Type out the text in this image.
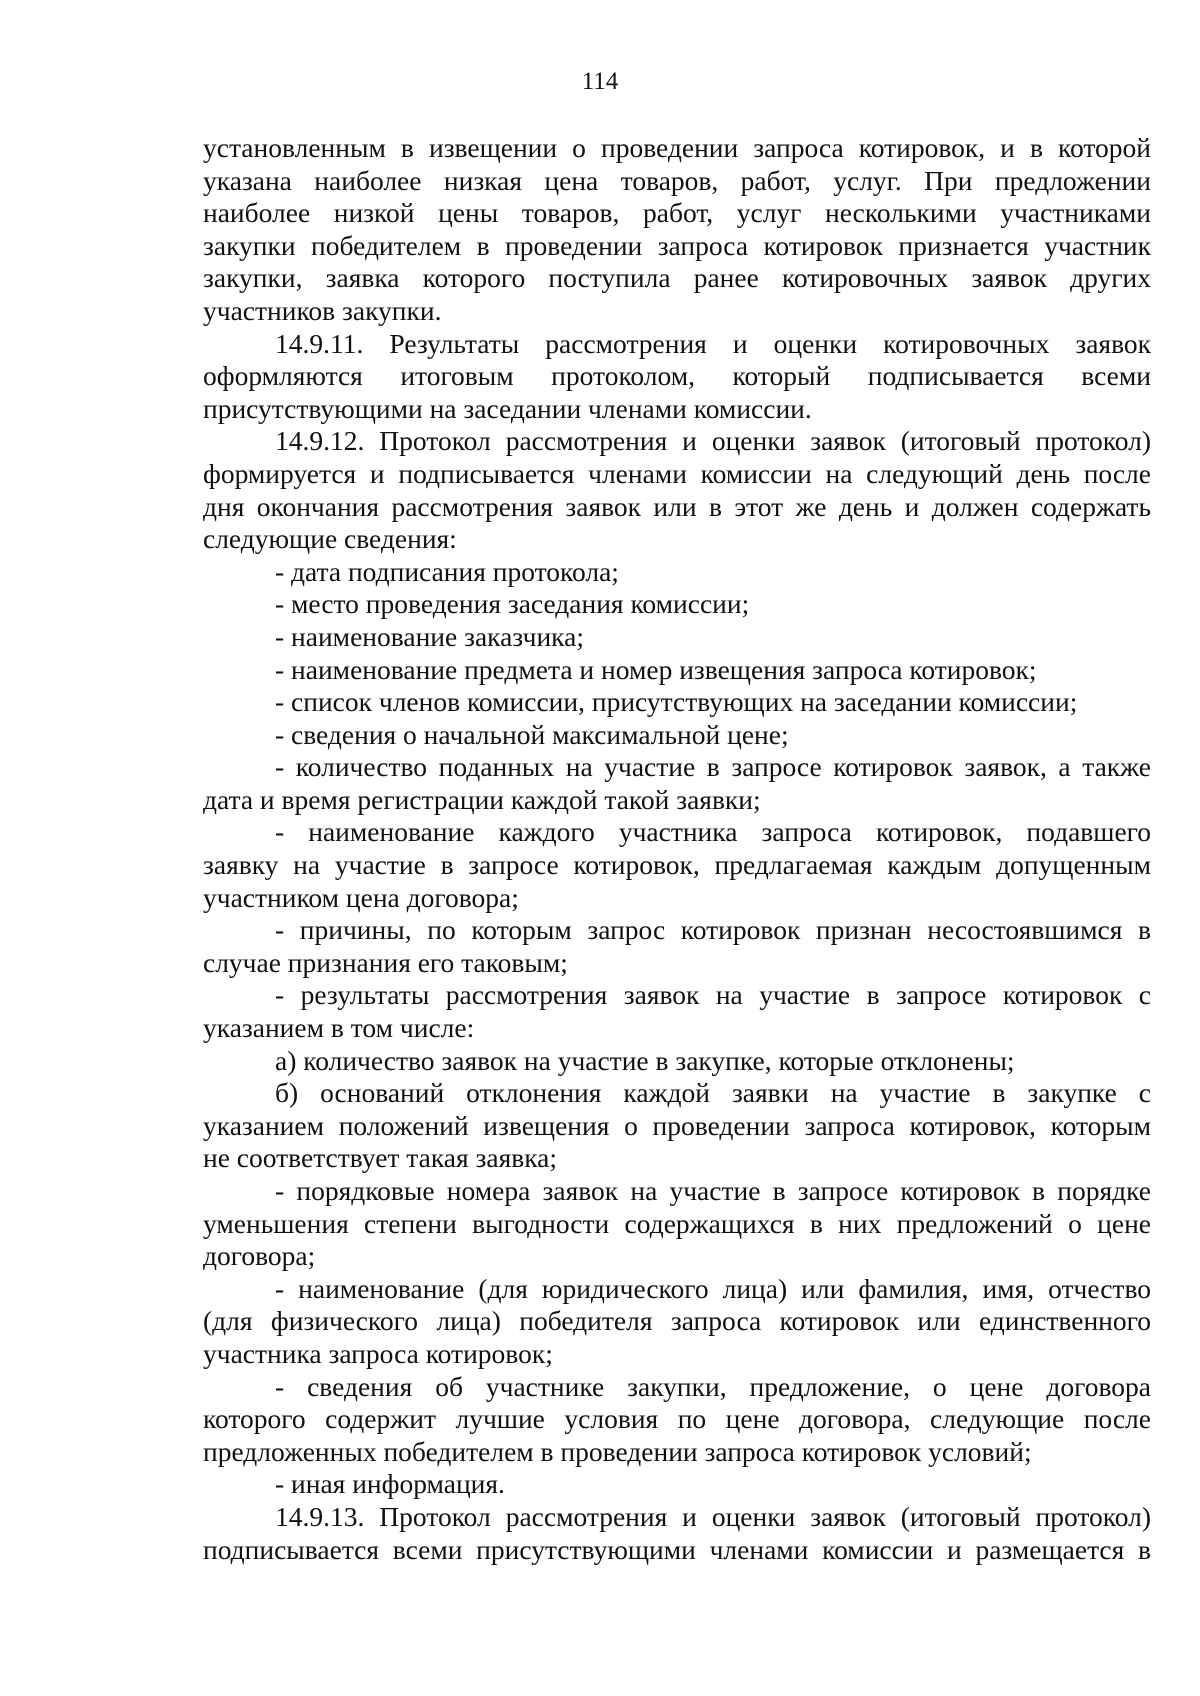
114

установленным в извещении о проведении запроса котировок, и в которой

указана наиболее низкая цена товаров, работ, услуг. При предложении

наиболее низкой цены товаров, работ, услуг несколькими участниками

закупки победителем в проведении запроса котировок признается участник

закупки, заявка которого поступила ранее котировочных заявок других

участников закупки.

14.9.11. Результаты рассмотрения и оценки котировочных заявок

оформляются итоговым протоколом, который подписывается всеми

присутствующими на заседании членами комиссии.

14.9.12. Протокол рассмотрения и оценки заявок (итоговый протокол)

формируется и подписывается членами комиссии на следующий день после

дня окончания рассмотрения заявок или в этот же день и должен содержать

следующие сведения:

- дата подписания протокола;

- место проведения заседания комиссии;

- наименование заказчика;

- наименование предмета и номер извещения запроса котировок;

- список членов комиссии, присутствующих на заседании комиссии;

- сведения о начальной максимальной цене;

- количество поданных на участие в запросе котировок заявок, а также

дата и время регистрации каждой такой заявки;

- наименование каждого участника запроса котировок, подавшего

заявку на участие в запросе котировок, предлагаемая каждым допущенным

участником цена договора;

- причины, по которым запрос котировок признан несостоявшимся в

случае признания его таковым;

- результаты рассмотрения заявок на участие в запросе котировок с

указанием в том числе:

а) количество заявок на участие в закупке, которые отклонены;

б) оснований отклонения каждой заявки на участие в закупке с

указанием положений извещения о проведении запроса котировок, которым

не соответствует такая заявка;

- порядковые номера заявок на участие в запросе котировок в порядке

уменьшения степени выгодности содержащихся в них предложений о цене

договора;

- наименование (для юридического лица) или фамилия, имя, отчество

(для физического лица) победителя запроса котировок или единственного

участника запроса котировок;

- сведения об участнике закупки, предложение, о цене договора

которого содержит лучшие условия по цене договора, следующие после

предложенных победителем в проведении запроса котировок условий;

- иная информация.

14.9.13. Протокол рассмотрения и оценки заявок (итоговый протокол)

подписывается всеми присутствующими членами комиссии и размещается в
